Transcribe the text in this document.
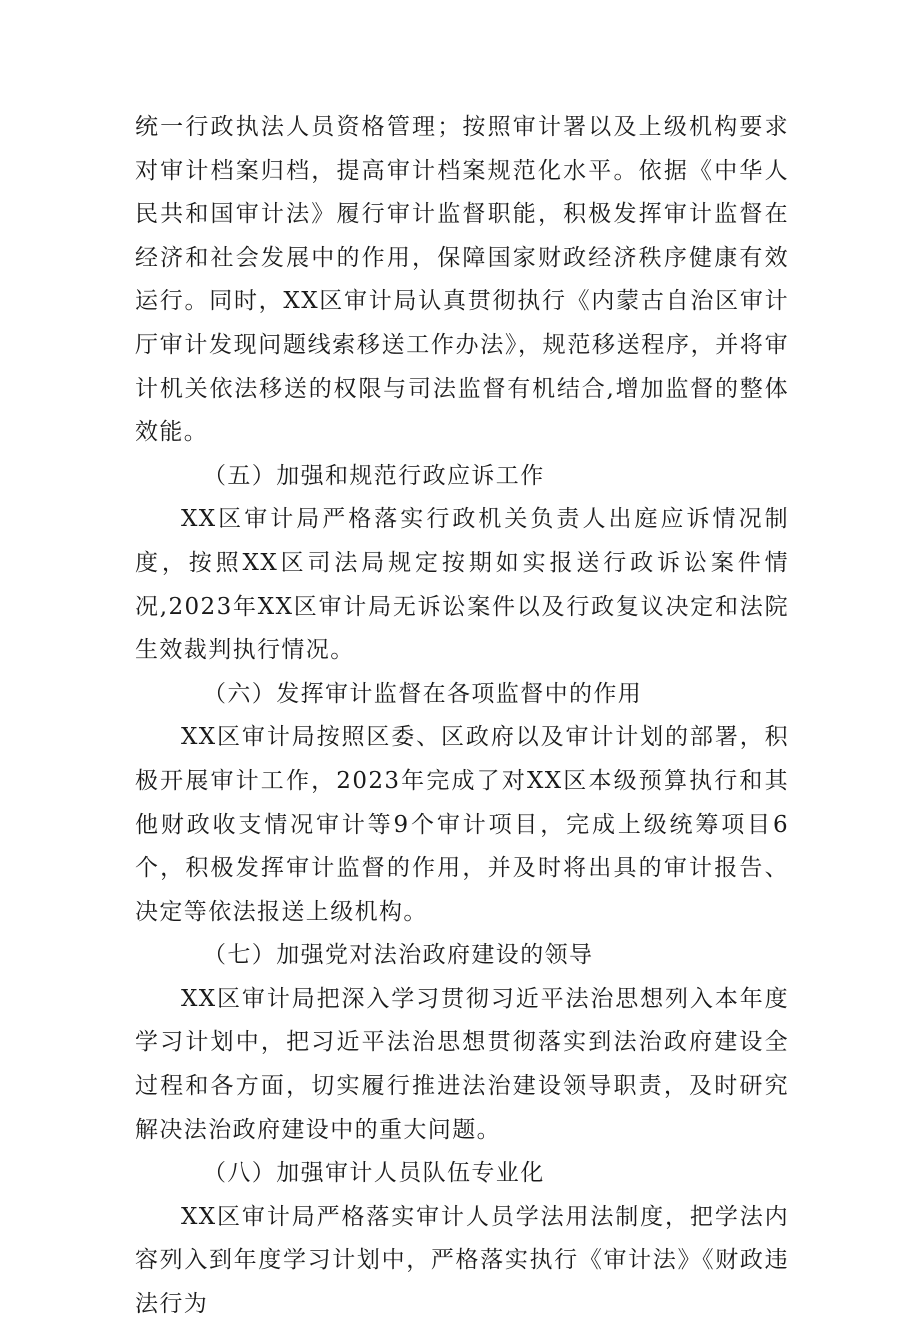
统一行政执法人员资格管理；按照审计署以及上级机构要求对审计档案归档，提高审计档案规范化水平。依据《中华人民共和国审计法》履行审计监督职能，积极发挥审计监督在经济和社会发展中的作用，保障国家财政经济秩序健康有效运行。同时，XX区审计局认真贯彻执行《内蒙古自治区审计厅审计发现问题线索移送工作办法》，规范移送程序，并将审计机关依法移送的权限与司法监督有机结合,增加监督的整体效能。

（五）加强和规范行政应诉工作

XX区审计局严格落实行政机关负责人出庭应诉情况制度，按照XX区司法局规定按期如实报送行政诉讼案件情况,2023年XX区审计局无诉讼案件以及行政复议决定和法院生效裁判执行情况。

（六）发挥审计监督在各项监督中的作用

XX区审计局按照区委、区政府以及审计计划的部署，积极开展审计工作，2023年完成了对XX区本级预算执行和其他财政收支情况审计等9个审计项目，完成上级统筹项目6个，积极发挥审计监督的作用，并及时将出具的审计报告、决定等依法报送上级机构。

（七）加强党对法治政府建设的领导

XX区审计局把深入学习贯彻习近平法治思想列入本年度学习计划中，把习近平法治思想贯彻落实到法治政府建设全过程和各方面，切实履行推进法治建设领导职责，及时研究解决法治政府建设中的重大问题。

（八）加强审计人员队伍专业化

XX区审计局严格落实审计人员学法用法制度，把学法内容列入到年度学习计划中，严格落实执行《审计法》《财政违法行为
